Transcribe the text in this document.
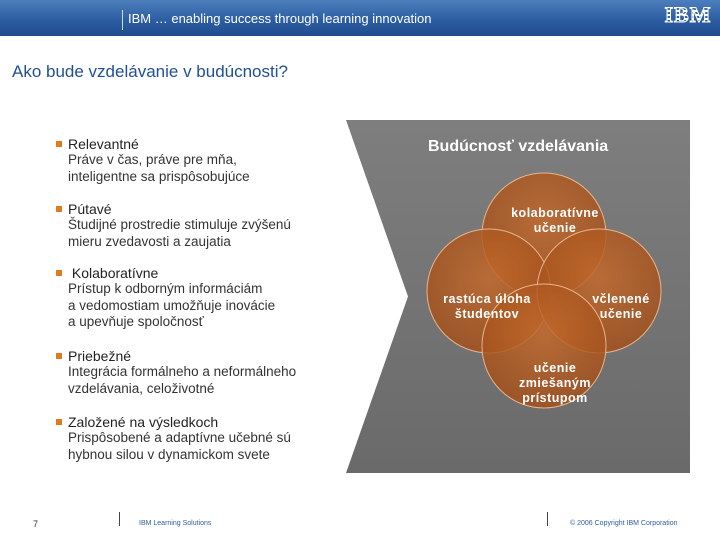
IBM … enabling success through learning innovation	IBM
Ako bude vzdelávanie v budúcnosti?
Relevantné
Práve v čas, práve pre mňa,
inteligentne sa prispôsobujúce
Pútavé
Študijné prostredie stimuluje zvýšenú
mieru zvedavosti a zaujatia
Kolaboratívne
Prístup k odborným informáciám
a vedomostiam umožňuje inovácie
a upevňuje spoločnosť
Priebežné
Integrácia formálneho a neformálneho
vzdelávania, celoživotné
Založené na výsledkoch
Prispôsobené a adaptívne učebné sú
hybnou silou v dynamickom svete
Budúcnosť vzdelávania
kolaboratívne
učenie
rastúca úloha
študentov
včlenené
učenie
učenie
zmiešaným
prístupom
7	IBM Learning Solutions	© 2006 Copyright IBM Corporation
